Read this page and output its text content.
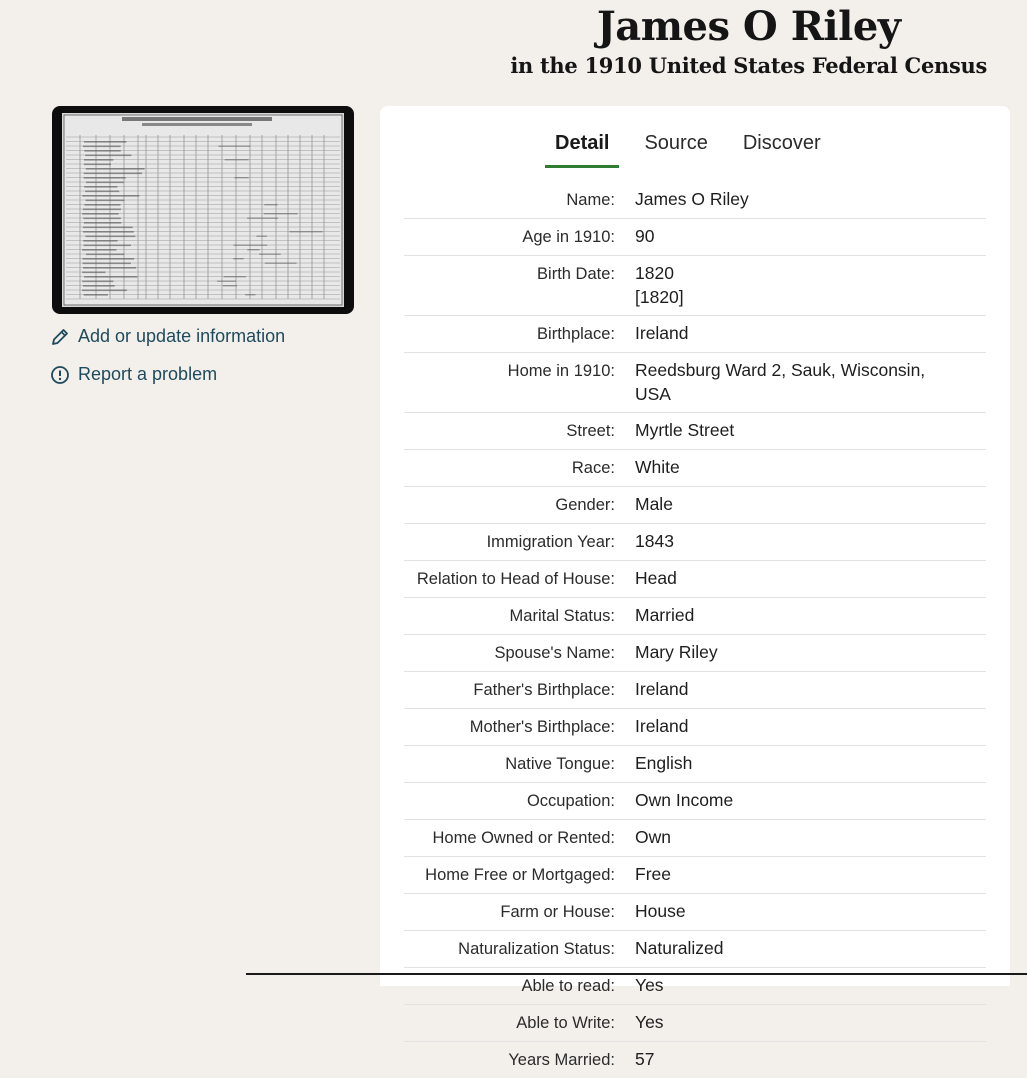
James O Riley
in the 1910 United States Federal Census
Add or update information
Report a problem
Detail	Source	Discover
Name: James O Riley
Age in 1910: 90
Birth Date: 1820
[1820]
Birthplace: Ireland
Home in 1910: Reedsburg Ward 2, Sauk, Wisconsin,
USA
Street: Myrtle Street
Race: White
Gender: Male
Immigration Year: 1843
Relation to Head of House: Head
Marital Status: Married
Spouse's Name: Mary Riley
Father's Birthplace: Ireland
Mother's Birthplace: Ireland
Native Tongue: English
Occupation: Own Income
Home Owned or Rented: Own
Home Free or Mortgaged: Free
Farm or House: House
Naturalization Status: Naturalized
Able to read: Yes
Able to Write: Yes
Years Married: 57
